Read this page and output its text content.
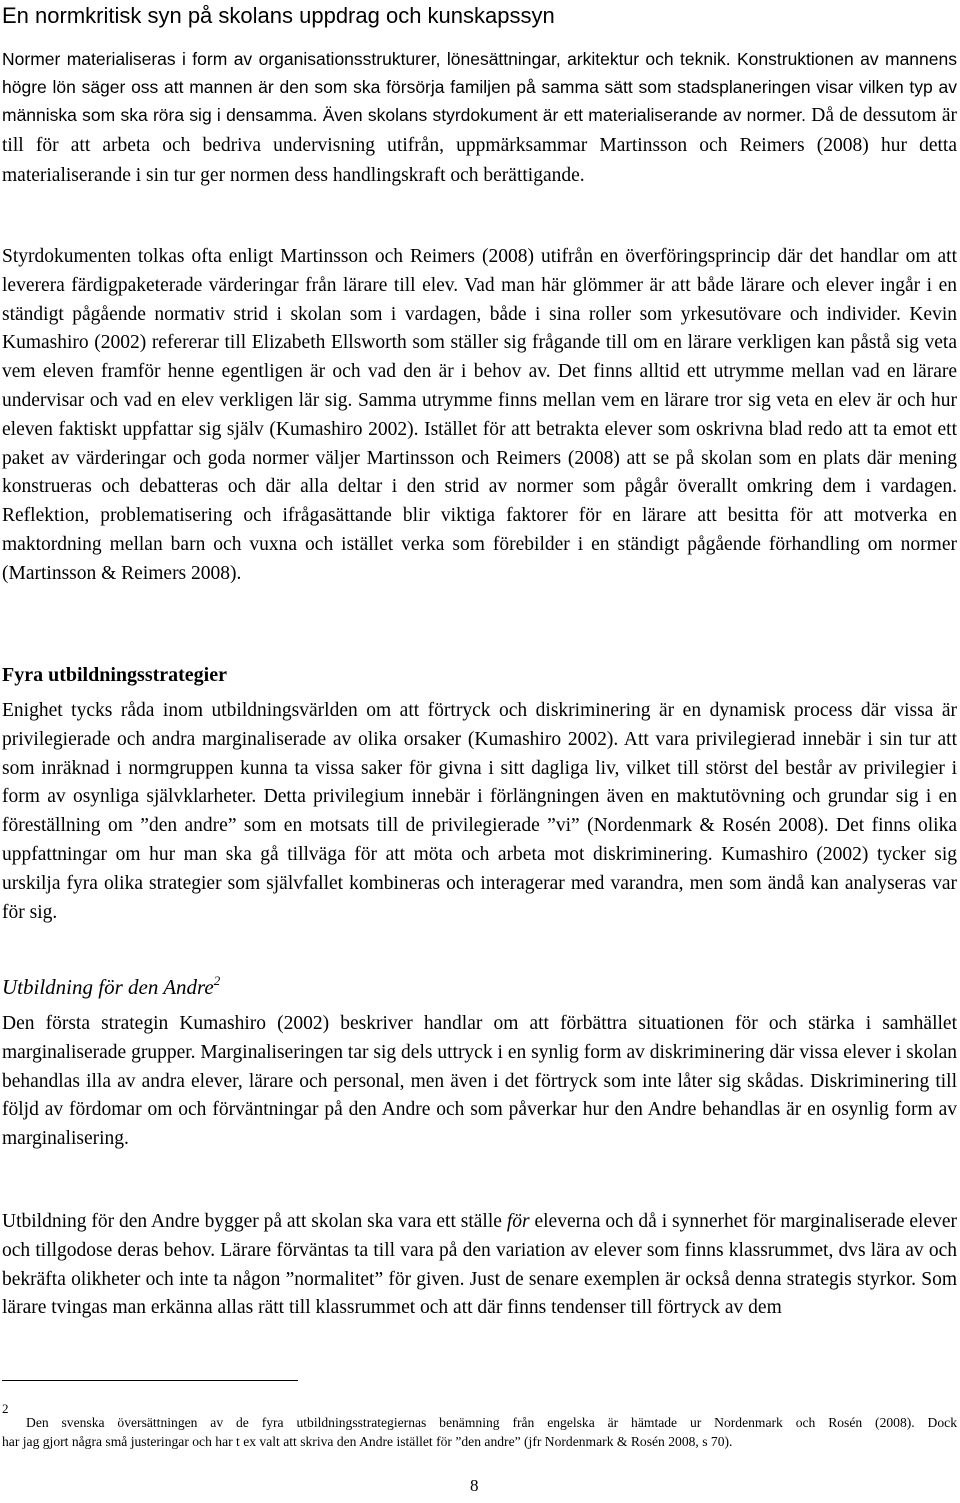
En normkritisk syn på skolans uppdrag och kunskapssyn

Normer materialiseras i form av organisationsstrukturer, lönesättningar, arkitektur och teknik. Konstruktionen av mannens högre lön säger oss att mannen är den som ska försörja familjen på samma sätt som stadsplaneringen visar vilken typ av människa som ska röra sig i densamma. Även skolans styrdokument är ett materialiserande av normer. Då de dessutom är till för att arbeta och bedriva undervisning utifrån, uppmärksammar Martinsson och Reimers (2008) hur detta materialiserande i sin tur ger normen dess handlingskraft och berättigande.

Styrdokumenten tolkas ofta enligt Martinsson och Reimers (2008) utifrån en överföringsprincip där det handlar om att leverera färdigpaketerade värderingar från lärare till elev. Vad man här glömmer är att både lärare och elever ingår i en ständigt pågående normativ strid i skolan som i vardagen, både i sina roller som yrkesutövare och individer. Kevin Kumashiro (2002) refererar till Elizabeth Ellsworth som ställer sig frågande till om en lärare verkligen kan påstå sig veta vem eleven framför henne egentligen är och vad den är i behov av. Det finns alltid ett utrymme mellan vad en lärare undervisar och vad en elev verkligen lär sig. Samma utrymme finns mellan vem en lärare tror sig veta en elev är och hur eleven faktiskt uppfattar sig själv (Kumashiro 2002). Istället för att betrakta elever som oskrivna blad redo att ta emot ett paket av värderingar och goda normer väljer Martinsson och Reimers (2008) att se på skolan som en plats där mening konstrueras och debatteras och där alla deltar i den strid av normer som pågår överallt omkring dem i vardagen. Reflektion, problematisering och ifrågasättande blir viktiga faktorer för en lärare att besitta för att motverka en maktordning mellan barn och vuxna och istället verka som förebilder i en ständigt pågående förhandling om normer (Martinsson & Reimers 2008).

Fyra utbildningsstrategier

Enighet tycks råda inom utbildningsvärlden om att förtryck och diskriminering är en dynamisk process där vissa är privilegierade och andra marginaliserade av olika orsaker (Kumashiro 2002). Att vara privilegierad innebär i sin tur att som inräknad i normgruppen kunna ta vissa saker för givna i sitt dagliga liv, vilket till störst del består av privilegier i form av osynliga självklarheter. Detta privilegium innebär i förlängningen även en maktutövning och grundar sig i en föreställning om ”den andre” som en motsats till de privilegierade ”vi” (Nordenmark & Rosén 2008). Det finns olika uppfattningar om hur man ska gå tillväga för att möta och arbeta mot diskriminering. Kumashiro (2002) tycker sig urskilja fyra olika strategier som självfallet kombineras och interagerar med varandra, men som ändå kan analyseras var för sig.

Utbildning för den Andre$^2$

Den första strategin Kumashiro (2002) beskriver handlar om att förbättra situationen för och stärka i samhället marginaliserade grupper. Marginaliseringen tar sig dels uttryck i en synlig form av diskriminering där vissa elever i skolan behandlas illa av andra elever, lärare och personal, men även i det förtryck som inte låter sig skådas. Diskriminering till följd av fördomar om och förväntningar på den Andre och som påverkar hur den Andre behandlas är en osynlig form av marginalisering.

Utbildning för den Andre bygger på att skolan ska vara ett ställe för eleverna och då i synnerhet för marginaliserade elever och tillgodose deras behov. Lärare förväntas ta till vara på den variation av elever som finns klassrummet, dvs lära av och bekräfta olikheter och inte ta någon ”normalitet” för given. Just de senare exemplen är också denna strategis styrkor. Som lärare tvingas man erkänna allas rätt till klassrummet och att där finns tendenser till förtryck av dem

2

Den svenska översättningen av de fyra utbildningsstrategiernas benämning från engelska är hämtade ur Nordenmark och Rosén (2008). Dock
har jag gjort några små justeringar och har t ex valt att skriva den Andre istället för ”den andre” (jfr Nordenmark & Rosén 2008, s 70).

8
